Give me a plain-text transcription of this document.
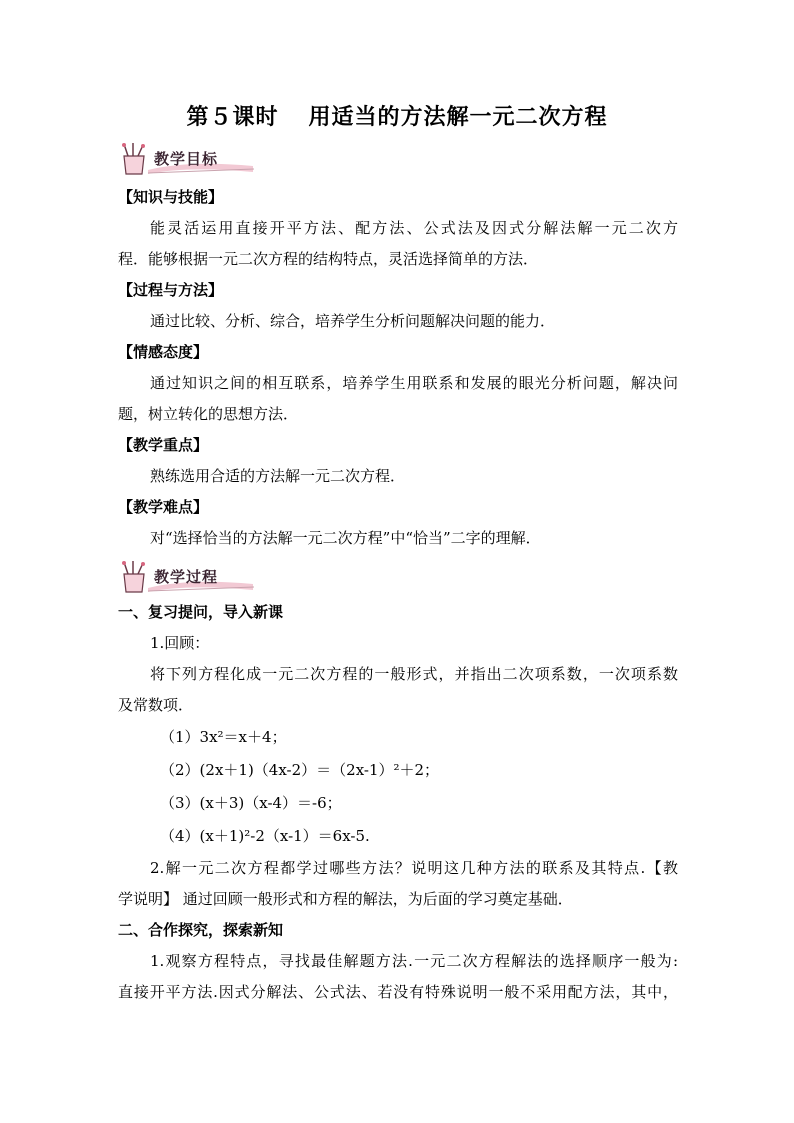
第５课时 用适当的方法解一元二次方程
教学目标
【知识与技能】
能灵活运用直接开平方法、配方法、公式法及因式分解法解一元二次方
程．能够根据一元二次方程的结构特点，灵活选择简单的方法．
【过程与方法】
通过比较、分析、综合，培养学生分析问题解决问题的能力．
【情感态度】
通过知识之间的相互联系，培养学生用联系和发展的眼光分析问题，解决问
题，树立转化的思想方法．
【教学重点】
熟练选用合适的方法解一元二次方程．
【教学难点】
对“选择恰当的方法解一元二次方程”中“恰当”二字的理解．
教学过程
一、复习提问，导入新课
1.回顾：
将下列方程化成一元二次方程的一般形式，并指出二次项系数，一次项系数
及常数项．
（1）3x²＝x＋4；
（2）(2x＋1)（4x-2）＝（2x-1）²＋2；
（3）(x＋3)（x-4）＝-6；
（4）(x＋1)²-2（x-1）＝6x-5.
2.解一元二次方程都学过哪些方法？说明这几种方法的联系及其特点.【教
学说明】 通过回顾一般形式和方程的解法，为后面的学习奠定基础．
二、合作探究，探索新知
1.观察方程特点，寻找最佳解题方法.一元二次方程解法的选择顺序一般为:
直接开平方法.因式分解法、公式法、若没有特殊说明一般不采用配方法，其中，
